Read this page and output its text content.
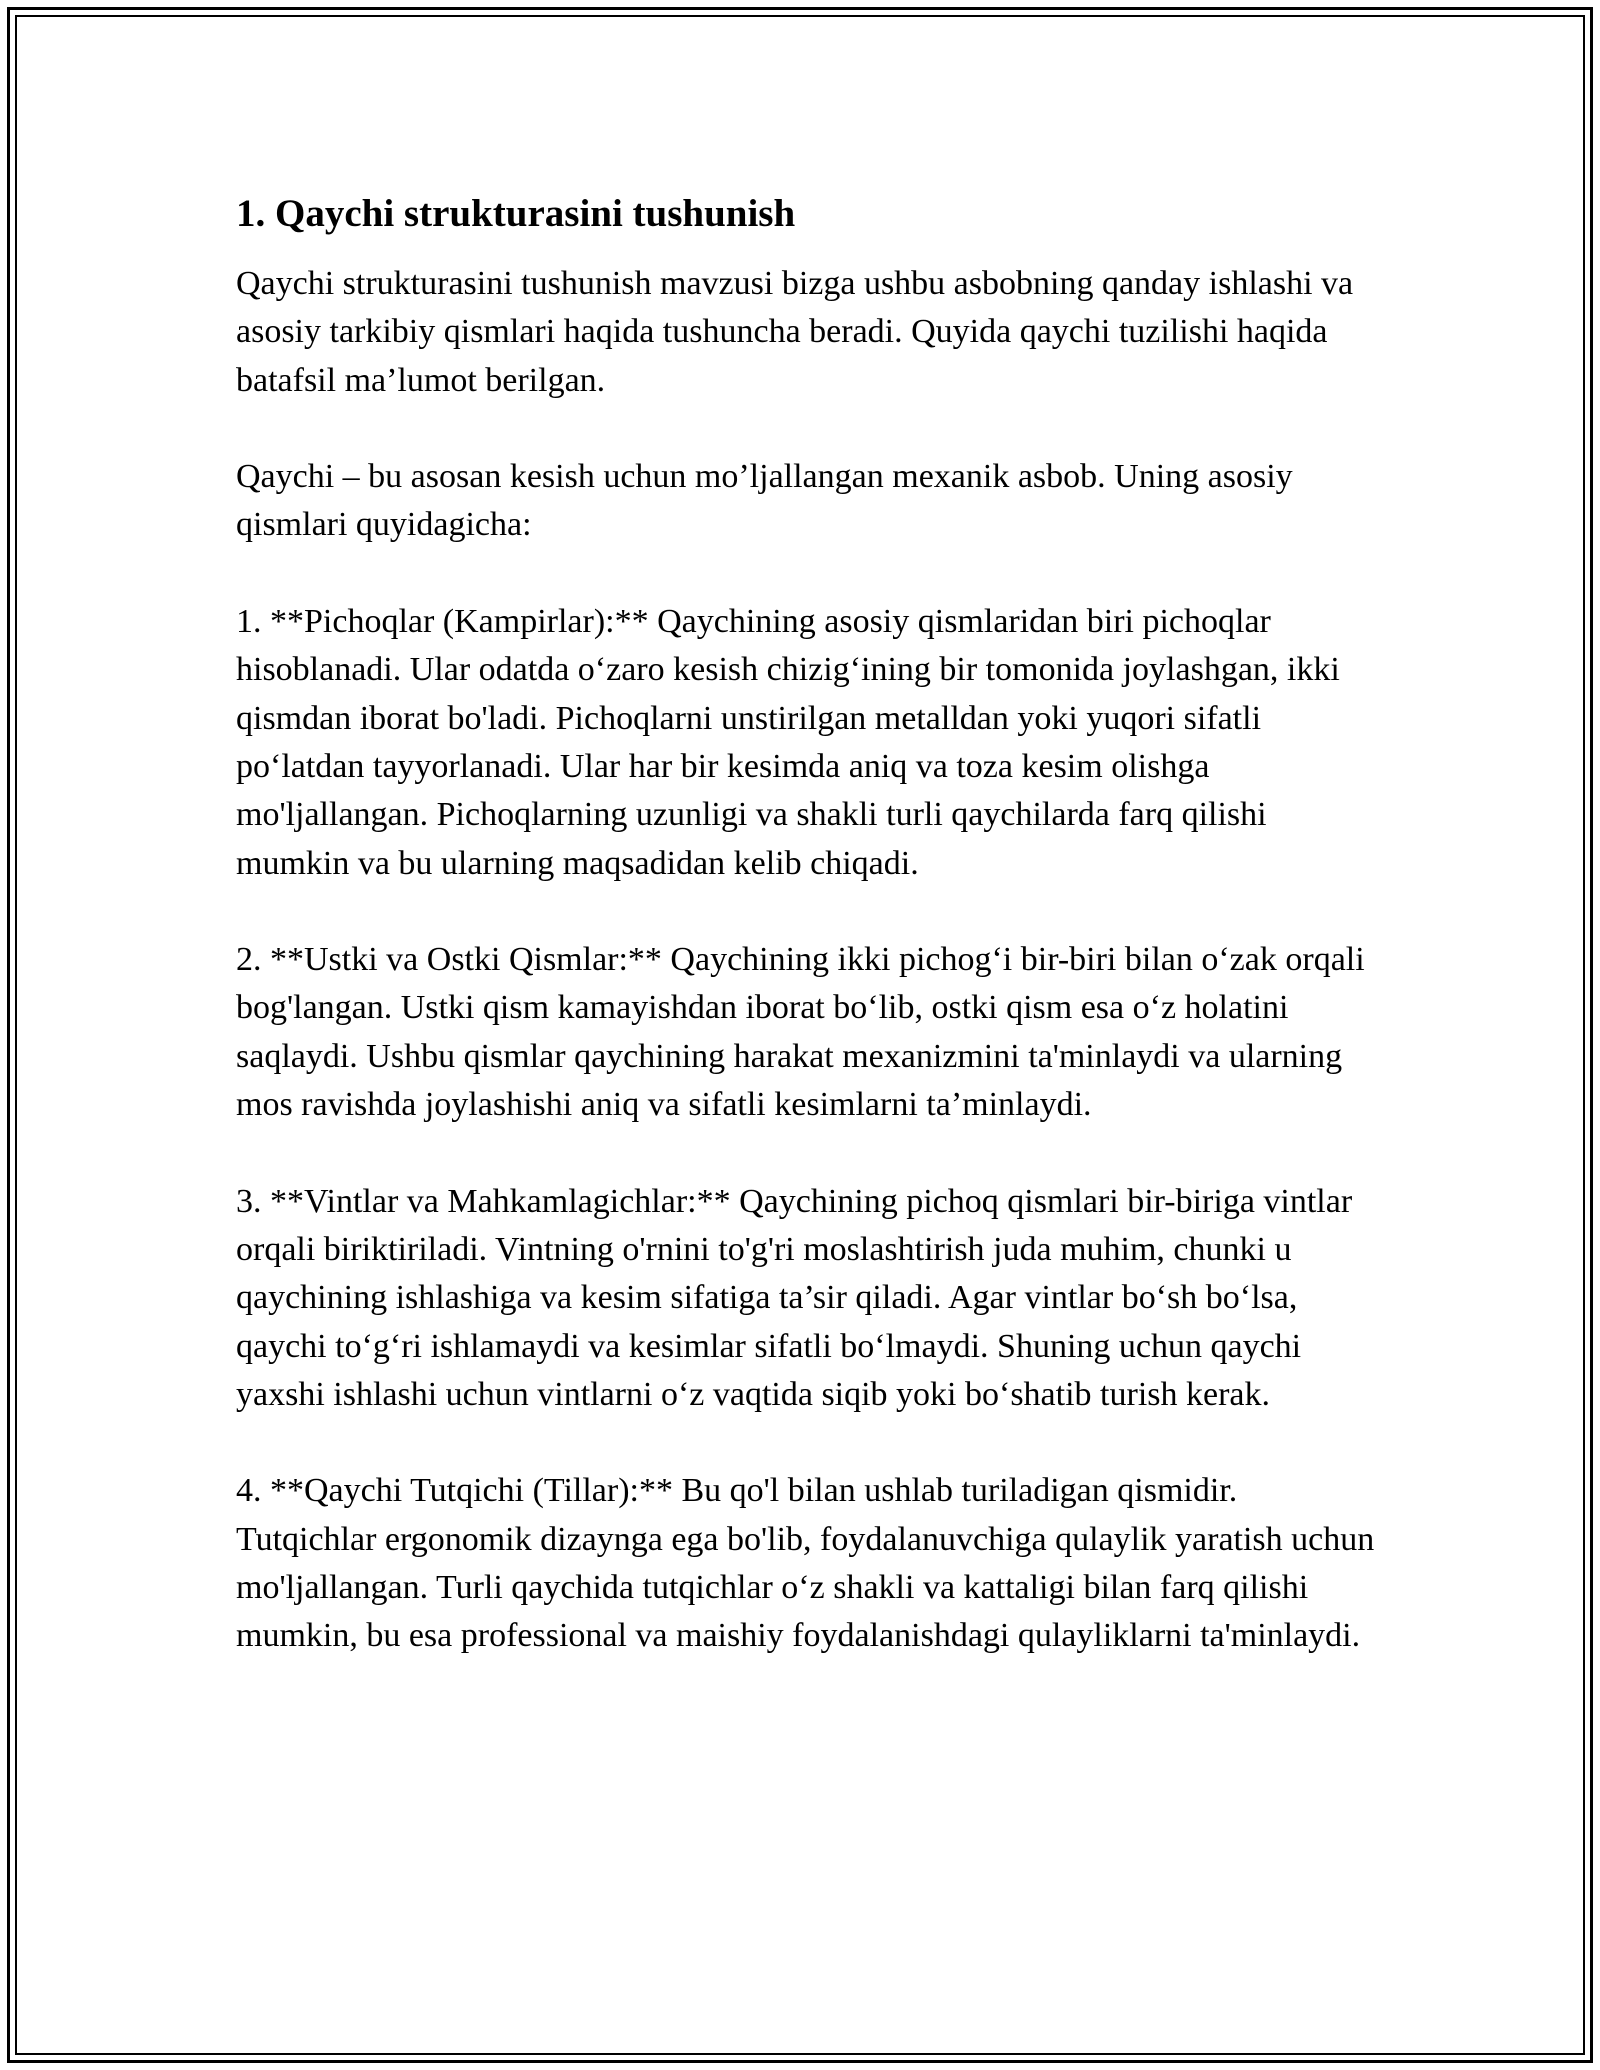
1. Qaychi strukturasini tushunish

Qaychi strukturasini tushunish mavzusi bizga ushbu asbobning qanday ishlashi va asosiy tarkibiy qismlari haqida tushuncha beradi. Quyida qaychi tuzilishi haqida batafsil ma’lumot berilgan.

Qaychi – bu asosan kesish uchun mo’ljallangan mexanik asbob. Uning asosiy qismlari quyidagicha:

1. **Pichoqlar (Kampirlar):** Qaychining asosiy qismlaridan biri pichoqlar hisoblanadi. Ular odatda oʻzaro kesish chizigʻining bir tomonida joylashgan, ikki qismdan iborat bo'ladi. Pichoqlarni unstirilgan metalldan yoki yuqori sifatli poʻlatdan tayyorlanadi. Ular har bir kesimda aniq va toza kesim olishga mo'ljallangan. Pichoqlarning uzunligi va shakli turli qaychilarda farq qilishi mumkin va bu ularning maqsadidan kelib chiqadi.

2. **Ustki va Ostki Qismlar:** Qaychining ikki pichogʻi bir-biri bilan oʻzak orqali bog'langan. Ustki qism kamayishdan iborat boʻlib, ostki qism esa oʻz holatini saqlaydi. Ushbu qismlar qaychining harakat mexanizmini ta'minlaydi va ularning mos ravishda joylashishi aniq va sifatli kesimlarni ta’minlaydi.

3. **Vintlar va Mahkamlagichlar:** Qaychining pichoq qismlari bir-biriga vintlar orqali biriktiriladi. Vintning o'rnini to'g'ri moslashtirish juda muhim, chunki u qaychining ishlashiga va kesim sifatiga ta’sir qiladi. Agar vintlar boʻsh boʻlsa, qaychi toʻgʻri ishlamaydi va kesimlar sifatli boʻlmaydi. Shuning uchun qaychi yaxshi ishlashi uchun vintlarni oʻz vaqtida siqib yoki boʻshatib turish kerak.

4. **Qaychi Tutqichi (Tillar):** Bu qo'l bilan ushlab turiladigan qismidir. Tutqichlar ergonomik dizaynga ega bo'lib, foydalanuvchiga qulaylik yaratish uchun mo'ljallangan. Turli qaychida tutqichlar oʻz shakli va kattaligi bilan farq qilishi mumkin, bu esa professional va maishiy foydalanishdagi qulayliklarni ta'minlaydi.
